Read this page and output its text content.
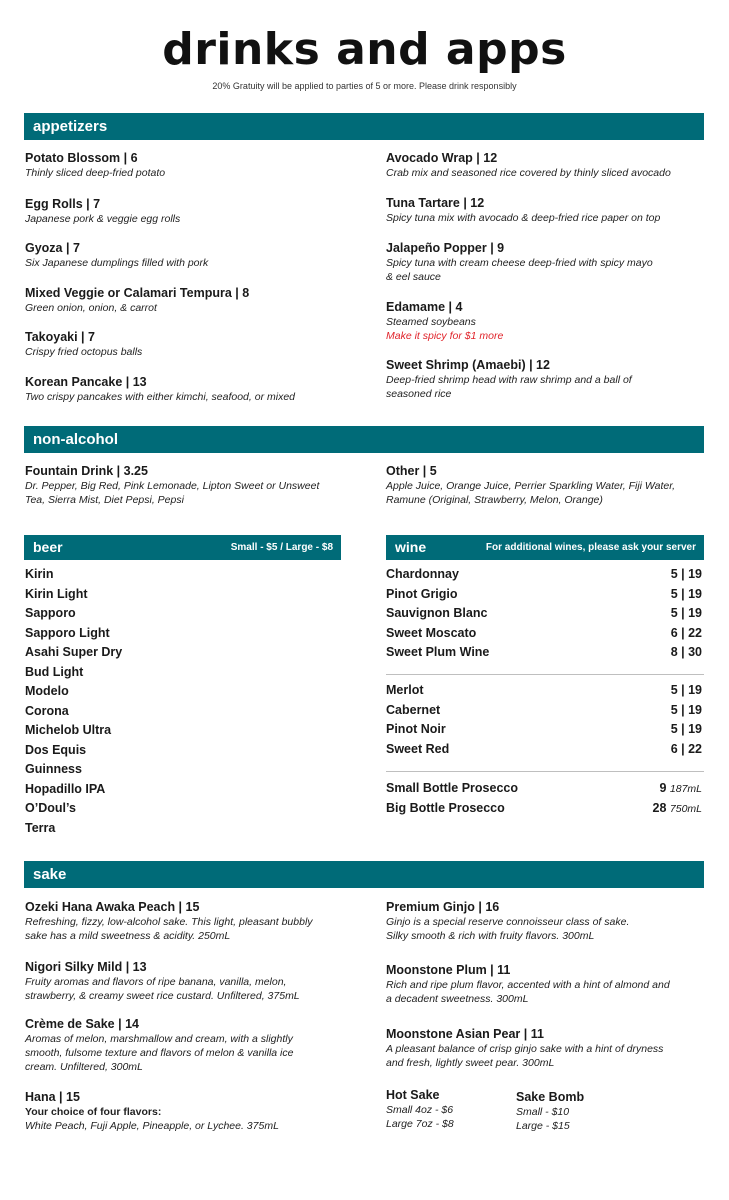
drinks and apps

20% Gratuity will be applied to parties of 5 or more. Please drink responsibly

appetizers
Potato Blossom | 6
Thinly sliced deep-fried potato
Egg Rolls | 7
Japanese pork & veggie egg rolls
Gyoza | 7
Six Japanese dumplings filled with pork
Mixed Veggie or Calamari Tempura | 8
Green onion, onion, & carrot
Takoyaki | 7
Crispy fried octopus balls
Korean Pancake | 13
Two crispy pancakes with either kimchi, seafood, or mixed
Avocado Wrap | 12
Crab mix and seasoned rice covered by thinly sliced avocado
Tuna Tartare | 12
Spicy tuna mix with avocado & deep-fried rice paper on top
Jalapeño Popper | 9
Spicy tuna with cream cheese deep-fried with spicy mayo
& eel sauce
Edamame | 4
Steamed soybeans
Make it spicy for $1 more
Sweet Shrimp (Amaebi) | 12
Deep-fried shrimp head with raw shrimp and a ball of
seasoned rice
non-alcohol
Fountain Drink | 3.25
Dr. Pepper, Big Red, Pink Lemonade, Lipton Sweet or Unsweet
Tea, Sierra Mist, Diet Pepsi, Pepsi
Other | 5
Apple Juice, Orange Juice, Perrier Sparkling Water, Fiji Water,
Ramune (Original, Strawberry, Melon, Orange)
beer	Small - $5 / Large - $8
Kirin
Kirin Light
Sapporo
Sapporo Light
Asahi Super Dry
Bud Light
Modelo
Corona
Michelob Ultra
Dos Equis
Guinness
Hopadillo IPA
O’Doul’s
Terra
wine	For additional wines, please ask your server
Chardonnay	5 | 19
Pinot Grigio	5 | 19
Sauvignon Blanc	5 | 19
Sweet Moscato	6 | 22
Sweet Plum Wine	8 | 30
Merlot	5 | 19
Cabernet	5 | 19
Pinot Noir	5 | 19
Sweet Red	6 | 22
Small Bottle Prosecco	9 187mL
Big Bottle Prosecco	28 750mL
sake
Ozeki Hana Awaka Peach | 15
Refreshing, fizzy, low-alcohol sake. This light, pleasant bubbly
sake has a mild sweetness & acidity. 250mL
Nigori Silky Mild | 13
Fruity aromas and flavors of ripe banana, vanilla, melon,
strawberry, & creamy sweet rice custard. Unfiltered, 375mL
Crème de Sake | 14
Aromas of melon, marshmallow and cream, with a slightly
smooth, fulsome texture and flavors of melon & vanilla ice
cream. Unfiltered, 300mL
Hana | 15
Your choice of four flavors:
White Peach, Fuji Apple, Pineapple, or Lychee. 375mL
Premium Ginjo | 16
Ginjo is a special reserve connoisseur class of sake.
Silky smooth & rich with fruity flavors. 300mL
Moonstone Plum | 11
Rich and ripe plum flavor, accented with a hint of almond and
a decadent sweetness. 300mL
Moonstone Asian Pear | 11
A pleasant balance of crisp ginjo sake with a hint of dryness
and fresh, lightly sweet pear. 300mL
Hot Sake
Small 4oz - $6
Large 7oz - $8
Sake Bomb
Small - $10
Large - $15
